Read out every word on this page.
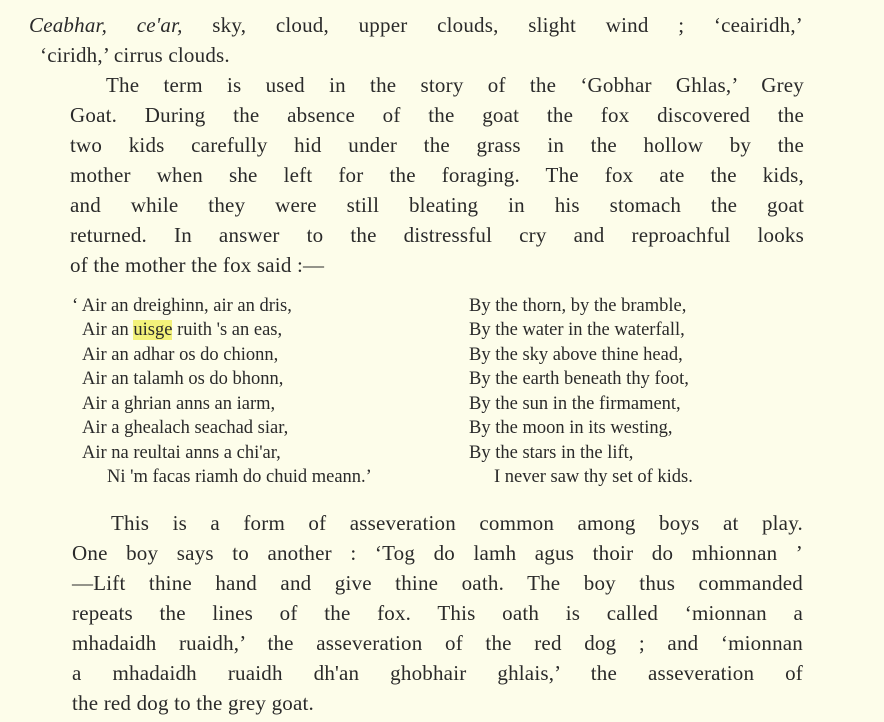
Ceabhar, ce'ar, sky, cloud, upper clouds, slight wind ; ‘ceairidh,’
‘ciridh,’ cirrus clouds.
The term is used in the story of the ‘Gobhar Ghlas,’ Grey
Goat. During the absence of the goat the fox discovered the
two kids carefully hid under the grass in the hollow by the
mother when she left for the foraging. The fox ate the kids,
and while they were still bleating in his stomach the goat
returned. In answer to the distressful cry and reproachful looks
of the mother the fox said :—
‘ Air an dreighinn, air an dris,
Air an uisge ruith 's an eas,
Air an adhar os do chionn,
Air an talamh os do bhonn,
Air a ghrian anns an iarm,
Air a ghealach seachad siar,
Air na reultai anns a chi'ar,
Ni 'm facas riamh do chuid meann.’
By the thorn, by the bramble,
By the water in the waterfall,
By the sky above thine head,
By the earth beneath thy foot,
By the sun in the firmament,
By the moon in its westing,
By the stars in the lift,
I never saw thy set of kids.
This is a form of asseveration common among boys at play.
One boy says to another : ‘Tog do lamh agus thoir do mhionnan ’
—Lift thine hand and give thine oath. The boy thus commanded
repeats the lines of the fox. This oath is called ‘mionnan a
mhadaidh ruaidh,’ the asseveration of the red dog ; and ‘mionnan
a mhadaidh ruaidh dh'an ghobhair ghlais,’ the asseveration of
the red dog to the grey goat.
